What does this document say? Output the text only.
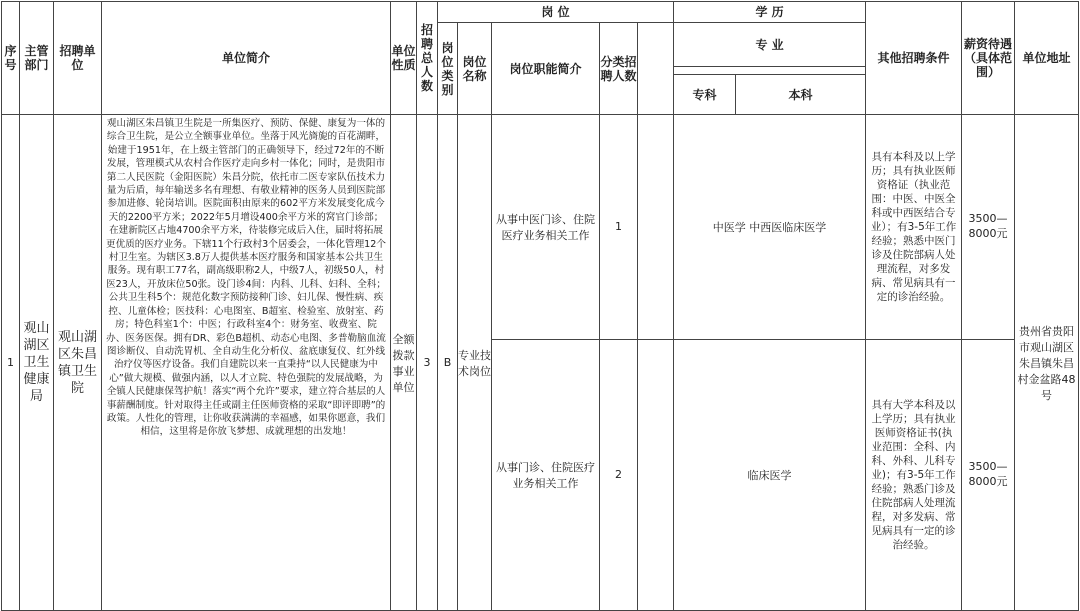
序号	主管部门	招聘单位	单位简介	单位性质	招聘总人数	岗 位					学 历		其他招聘条件	薪资待遇（具体范围）	单位地址	
						岗位类别	岗位名称	岗位职能简介	分类招聘人数		专 业					

											专科	本科				
1	观山湖区卫生健康局	观山湖区朱昌镇卫生院	观山湖区朱昌镇卫生院是一所集医疗、预防、保健、康复为一体的综合卫生院，是公立全额事业单位。坐落于风光旖旎的百花湖畔，始建于1951年，在上级主管部门的正确领导下，经过72年的不断发展，管理模式从农村合作医疗走向乡村一体化；同时，是贵阳市第二人民医院（金阳医院）朱昌分院，依托市二医专家队伍技术力量为后盾，每年输送多名有理想、有敬业精神的医务人员到医院部参加进修、轮岗培训。医院面积由原来的602平方米发展变化成今天的2200平方米；2022年5月增设400余平方米的窝官门诊部；在建新院区占地4700余平方米，待装修完成后入住，届时将拓展更优质的医疗业务。下辖11个行政村3个居委会，一体化管理12个村卫生室。为辖区3.8万人提供基本医疗服务和国家基本公共卫生服务。现有职工77名，副高级职称2人，中级7人，初级50人，村医23人，开放床位50张。设门诊4间：内科、儿科、妇科、全科；公共卫生科5个：规范化数字预防接种门诊、妇儿保、慢性病、疾控、儿童体检；医技科：心电图室、B超室、检验室、放射室、药房；特色科室1个：中医；行政科室4个：财务室、收费室、院办、医务医保。拥有DR、彩色B超机、动态心电图、多普勒脑血流图诊断仪、自动洗胃机、全自动生化分析仪、盆底康复仪、红外线治疗仪等医疗设备。我们自建院以来一直秉持“以人民健康为中心”做大规模、做强内涵，以人才立院、特色强院的发展战略，为全镇人民健康保驾护航！落实“两个允许”要求，建立符合基层的人事薪酬制度。针对取得主任或副主任医师资格的采取“即评即聘”的政策。人性化的管理，让你收获满满的幸福感，如果你愿意，我们相信，这里将是你放飞梦想、成就理想的出发地！	全额拨款事业单位	3	B	专业技术岗位	从事中医门诊、住院医疗业务相关工作	1		中医学 中西医临床医学		具有本科及以上学历；具有执业医师资格证（执业范围：中医、中医全科或中西医结合专业）；有3-5年工作经验；熟悉中医门诊及住院部病人处理流程，对多发病、常见病具有一定的诊治经验。	3500—8000元	贵州省贵阳市观山湖区朱昌镇朱昌村金盆路48号	

								从事门诊、住院医疗业务相关工作	2		临床医学		具有大学本科及以上学历；具有执业医师资格证书(执业范围：全科、内科、外科、儿科专业)；有3-5年工作经验；熟悉门诊及住院部病人处理流程，对多发病、常见病具有一定的诊治经验。	3500—8000元		
